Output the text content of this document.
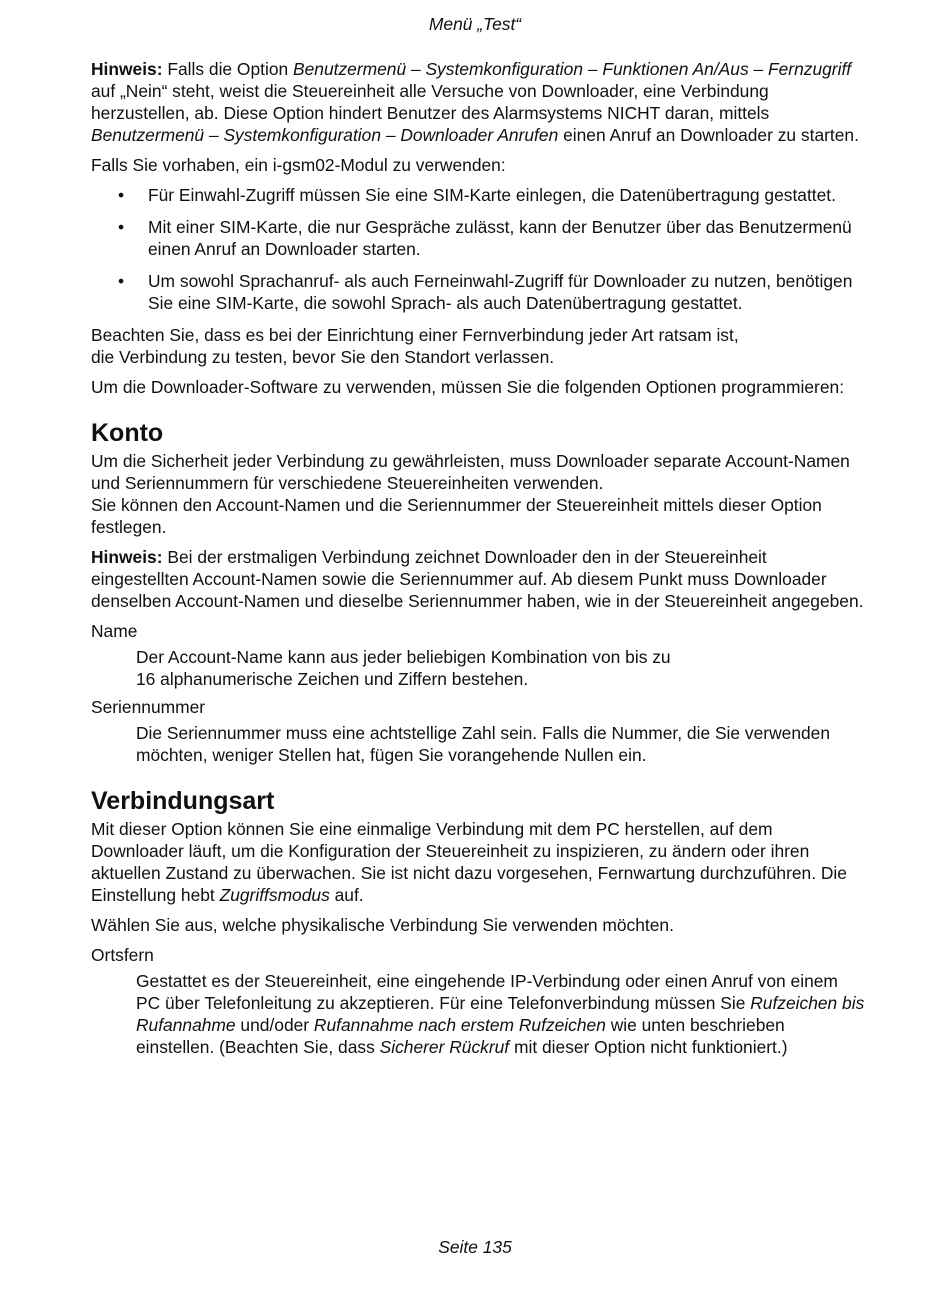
Menü „Test“

Hinweis: Falls die Option Benutzermenü – Systemkonfiguration – Funktionen An/Aus – Fernzugriff auf „Nein“ steht, weist die Steuereinheit alle Versuche von Downloader, eine Verbindung herzustellen, ab. Diese Option hindert Benutzer des Alarmsystems NICHT daran, mittels Benutzermenü – Systemkonfiguration – Downloader Anrufen einen Anruf an Downloader zu starten.

Falls Sie vorhaben, ein i-gsm02-Modul zu verwenden:

• Für Einwahl-Zugriff müssen Sie eine SIM-Karte einlegen, die Datenübertragung gestattet.
• Mit einer SIM-Karte, die nur Gespräche zulässt, kann der Benutzer über das Benutzermenü einen Anruf an Downloader starten.
• Um sowohl Sprachanruf- als auch Ferneinwahl-Zugriff für Downloader zu nutzen, benötigen Sie eine SIM-Karte, die sowohl Sprach- als auch Datenübertragung gestattet.

Beachten Sie, dass es bei der Einrichtung einer Fernverbindung jeder Art ratsam ist,
die Verbindung zu testen, bevor Sie den Standort verlassen.

Um die Downloader-Software zu verwenden, müssen Sie die folgenden Optionen programmieren:

Konto

Um die Sicherheit jeder Verbindung zu gewährleisten, muss Downloader separate Account-Namen und Seriennummern für verschiedene Steuereinheiten verwenden.
Sie können den Account-Namen und die Seriennummer der Steuereinheit mittels dieser Option festlegen.

Hinweis: Bei der erstmaligen Verbindung zeichnet Downloader den in der Steuereinheit eingestellten Account-Namen sowie die Seriennummer auf. Ab diesem Punkt muss Downloader denselben Account-Namen und dieselbe Seriennummer haben, wie in der Steuereinheit angegeben.

Name

Der Account-Name kann aus jeder beliebigen Kombination von bis zu
16 alphanumerische Zeichen und Ziffern bestehen.

Seriennummer

Die Seriennummer muss eine achtstellige Zahl sein. Falls die Nummer, die Sie verwenden möchten, weniger Stellen hat, fügen Sie vorangehende Nullen ein.

Verbindungsart

Mit dieser Option können Sie eine einmalige Verbindung mit dem PC herstellen, auf dem Downloader läuft, um die Konfiguration der Steuereinheit zu inspizieren, zu ändern oder ihren aktuellen Zustand zu überwachen. Sie ist nicht dazu vorgesehen, Fernwartung durchzuführen. Die Einstellung hebt Zugriffsmodus auf.

Wählen Sie aus, welche physikalische Verbindung Sie verwenden möchten.

Ortsfern

Gestattet es der Steuereinheit, eine eingehende IP-Verbindung oder einen Anruf von einem PC über Telefonleitung zu akzeptieren. Für eine Telefonverbindung müssen Sie Rufzeichen bis Rufannahme und/oder Rufannahme nach erstem Rufzeichen wie unten beschrieben einstellen. (Beachten Sie, dass Sicherer Rückruf mit dieser Option nicht funktioniert.)

Seite 135
